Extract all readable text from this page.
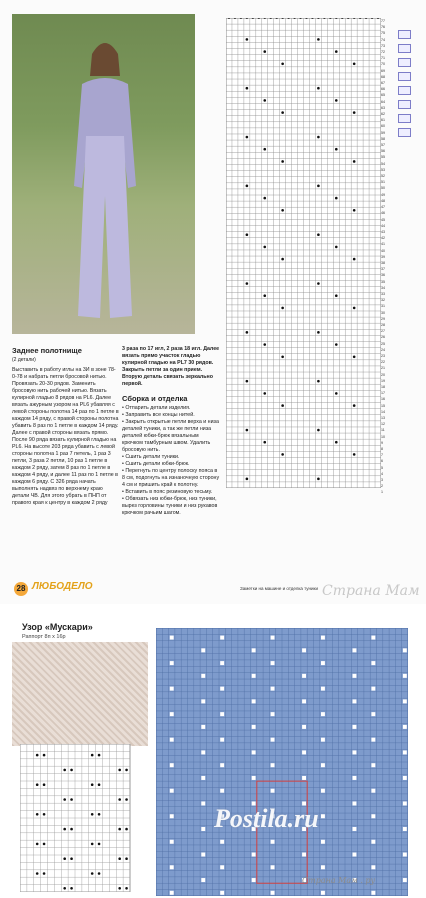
Заднее полотнище
(2 детали)
Выставить в работу иглы на 3И в зоне 78-0-78 и набрать петли бросовой нитью. Провязать 20-30 рядов. Заменить бросовую нить рабочей нитью. Вязать кулирной гладью 8 рядов на PL6. Далее вязать ажурным узором на PL6 убавляя с левой стороны полотна 14 раз по 1 петле в каждом 14 ряду, с правой стороны полотна убавить 8 раз по 1 петле в каждом 14 ряду. Далее с правой стороны вязать прямо. После 90 ряда вязать кулирной гладью на PL6. На высоте 203 ряда убавить с левой стороны полотна 1 раз 7 петель, 1 раз 3 петли, 3 раза 2 петли, 10 раз 1 петле в каждом 2 ряду, затем 8 раз по 1 петле в каждом 4 ряду, и далее 11 раз по 1 петле в каждом 6 ряду. С 326 ряда начать выполнять надвяз по верхнему краю детали ЧВ. Для этого убрать в ПНП от правого края к центру в каждом 2 ряду
3 раза по 17 игл, 2 раза 18 игл. Далее вязать прямо участок гладью кулирной гладью на PL7 30 рядов. Закрыть петли за один прием. Вторую деталь связать зеркально первой.
Сборка и отделка
• Отпарить детали изделия.
• Заправить все концы нитей.
• Закрыть открытые петли верха и низа деталей туники, а так же петли низа деталей юбки-брюк вязальным крючком тамбурным швом. Удалить бросовую нить.
• Сшить детали туники.
• Сшить детали юбки-брюк.
• Перегнуть по центру полоску пояса в 8 см, подогнуть на изнаночную сторону 4 см и пришить край к полотну.
• Вставить в пояс резиновую тесьму.
• Обвязать низ юбки-брюк, низ туники, вырез горловины туники и низ рукавов крючком рачьим шагом.
77
76
75
74
73
72
71
70
69
68
67
66
65
64
63
62
61
60
59
58
57
56
55
54
53
52
51
50
49
48
47
46
45
44
43
42
41
40
39
38
37
36
35
34
33
32
31
30
29
28
27
26
25
24
23
22
21
20
19
18
17
16
15
14
13
12
11
10
9
8
7
6
5
4
3
2
1
28 ЛЮБОДЕЛО	Заметки на машине и отделка туники Страна Мам
Узор «Мускари»
Раппорт 8п х 16р
Postila.ru
Страна Мам . ру
